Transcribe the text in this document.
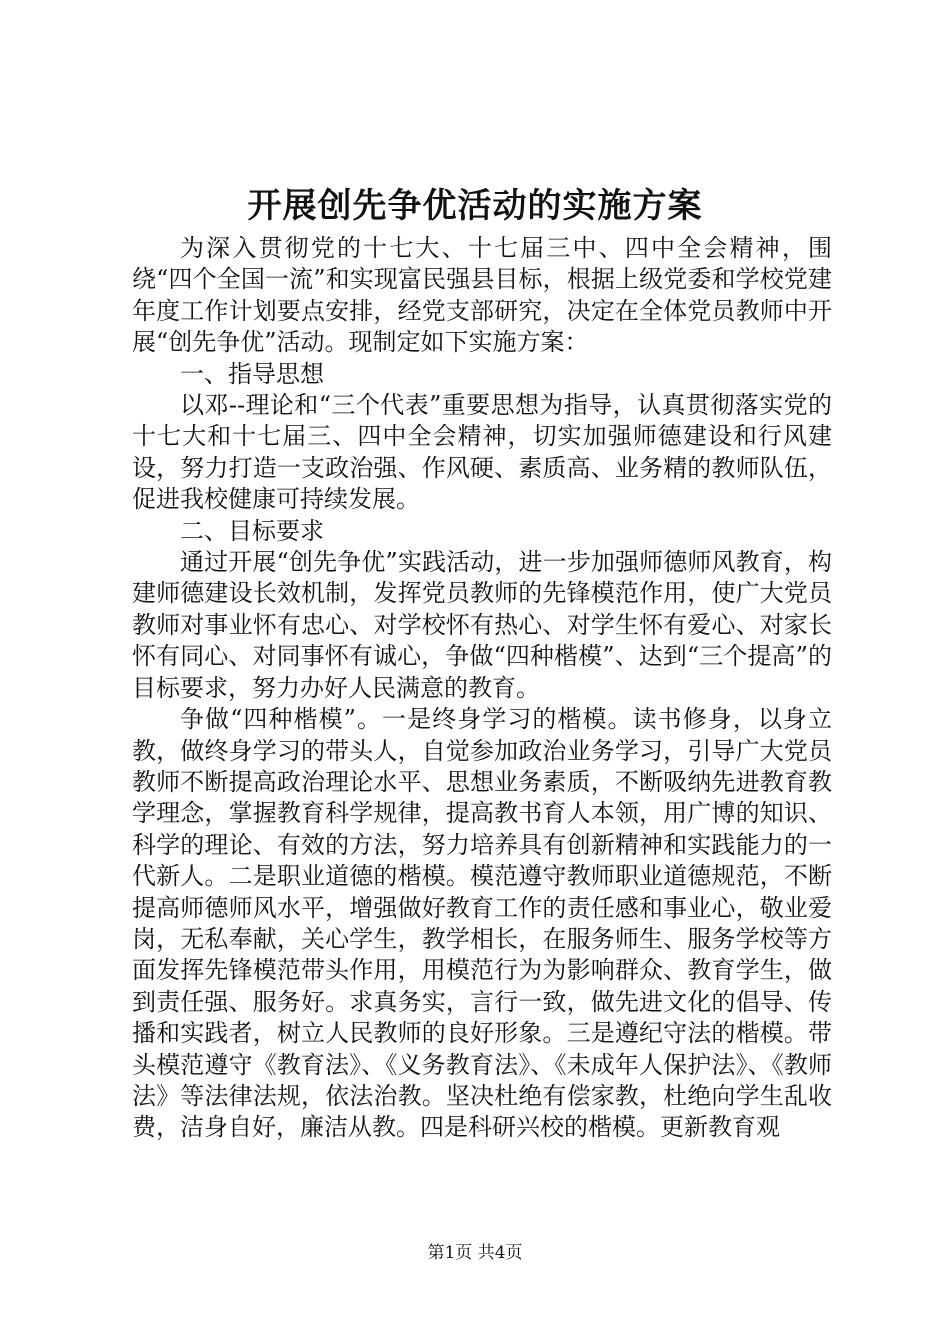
开展创先争优活动的实施方案

为深入贯彻党的十七大、十七届三中、四中全会精神，围绕“四个全国一流”和实现富民强县目标，根据上级党委和学校党建年度工作计划要点安排，经党支部研究，决定在全体党员教师中开展“创先争优”活动。现制定如下实施方案：

一、指导思想

以邓--理论和“三个代表”重要思想为指导，认真贯彻落实党的十七大和十七届三、四中全会精神，切实加强师德建设和行风建设，努力打造一支政治强、作风硬、素质高、业务精的教师队伍，促进我校健康可持续发展。

二、目标要求

通过开展“创先争优”实践活动，进一步加强师德师风教育，构建师德建设长效机制，发挥党员教师的先锋模范作用，使广大党员教师对事业怀有忠心、对学校怀有热心、对学生怀有爱心、对家长怀有同心、对同事怀有诚心，争做“四种楷模”、达到“三个提高”的目标要求，努力办好人民满意的教育。

争做“四种楷模”。一是终身学习的楷模。读书修身，以身立教，做终身学习的带头人，自觉参加政治业务学习，引导广大党员教师不断提高政治理论水平、思想业务素质，不断吸纳先进教育教学理念，掌握教育科学规律，提高教书育人本领，用广博的知识、科学的理论、有效的方法，努力培养具有创新精神和实践能力的一代新人。二是职业道德的楷模。模范遵守教师职业道德规范，不断提高师德师风水平，增强做好教育工作的责任感和事业心，敬业爱岗，无私奉献，关心学生，教学相长，在服务师生、服务学校等方面发挥先锋模范带头作用，用模范行为为影响群众、教育学生，做到责任强、服务好。求真务实，言行一致，做先进文化的倡导、传播和实践者，树立人民教师的良好形象。三是遵纪守法的楷模。带头模范遵守《教育法》、《义务教育法》、《未成年人保护法》、《教师法》等法律法规，依法治教。坚决杜绝有偿家教，杜绝向学生乱收费，洁身自好，廉洁从教。四是科研兴校的楷模。更新教育观

第1页 共4页
